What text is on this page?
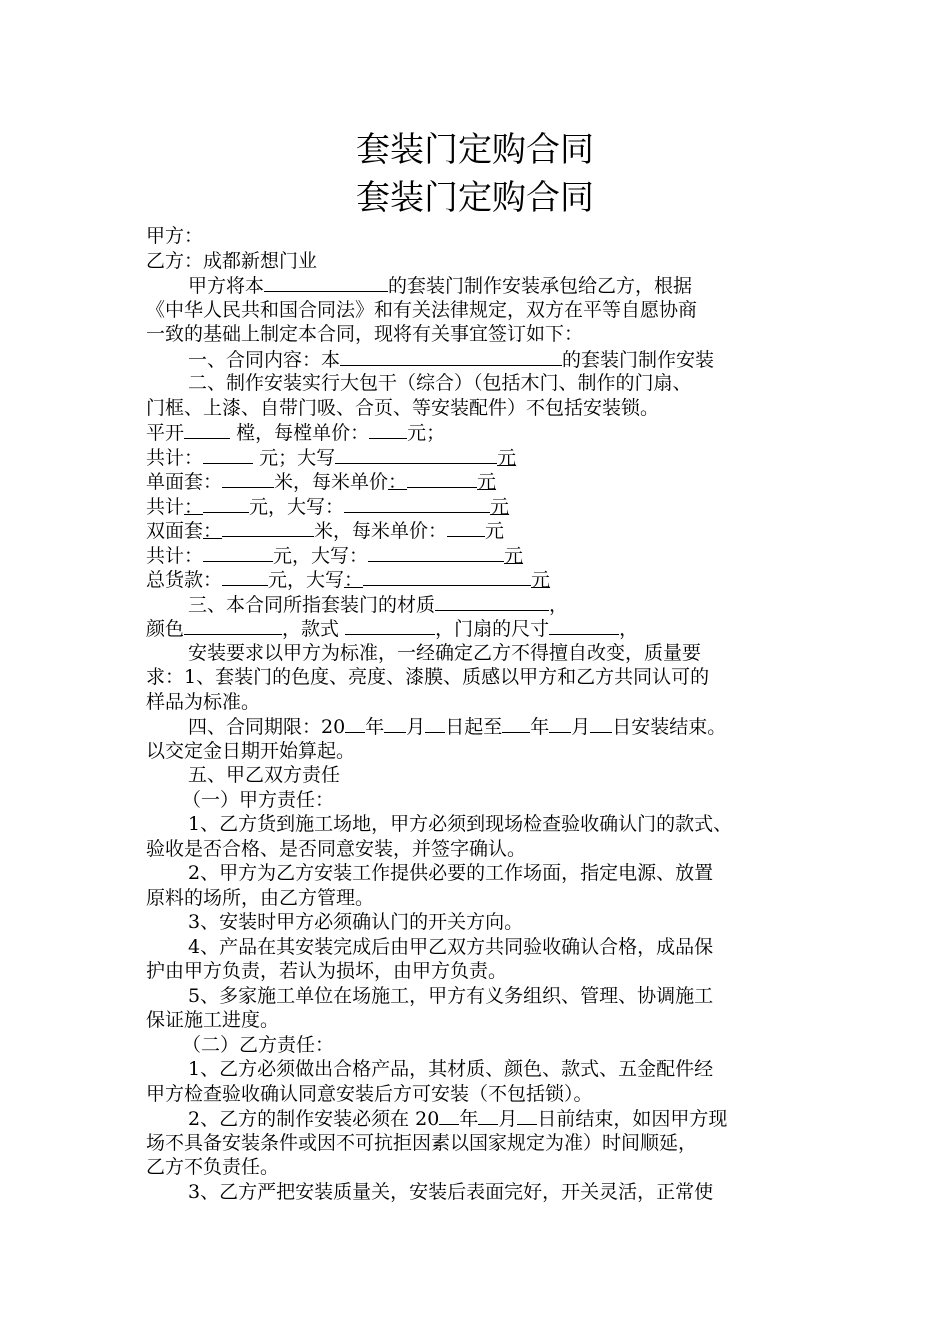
套装门定购合同
套装门定购合同
甲方：
乙方：成都新想门业
甲方将本	的套装门制作安装承包给乙方，根据
《中华人民共和国合同法》和有关法律规定，双方在平等自愿协商
一致的基础上制定本合同，现将有关事宜签订如下：
一、合同内容：本	的套装门制作安装
二、制作安装实行大包干（综合）（包括木门、制作的门扇、
门框、上漆、自带门吸、合页、等安装配件）不包括安装锁。
平开	樘，每樘单价： 元；
共计：	元；大写	元
单面套：	米，每米单价：	元
共计： 元，大写：	元
双面套：	米，每米单价： 元
共计：	元，大写：	元
总货款： 元，大写：	元
三、本合同所指套装门的材质	，
颜色	，款式	，门扇的尺寸	，
安装要求以甲方为标准，一经确定乙方不得擅自改变，质量要
求：1、套装门的色度、亮度、漆膜、质感以甲方和乙方共同认可的
样品为标准。
四、合同期限：20 年 月 日起至 年 月 日安装结束。
以交定金日期开始算起。
五、甲乙双方责任
（一）甲方责任：
1、乙方货到施工场地，甲方必须到现场检查验收确认门的款式、
验收是否合格、是否同意安装，并签字确认。
2、甲方为乙方安装工作提供必要的工作场面，指定电源、放置
原料的场所，由乙方管理。
3、安装时甲方必须确认门的开关方向。
4、产品在其安装完成后由甲乙双方共同验收确认合格，成品保
护由甲方负责，若认为损坏，由甲方负责。
5、多家施工单位在场施工，甲方有义务组织、管理、协调施工
保证施工进度。
（二）乙方责任：
1、乙方必须做出合格产品，其材质、颜色、款式、五金配件经
甲方检查验收确认同意安装后方可安装（不包括锁）。
2、乙方的制作安装必须在 20 年 月 日前结束，如因甲方现
场不具备安装条件或因不可抗拒因素以国家规定为准）时间顺延，
乙方不负责任。
3、乙方严把安装质量关，安装后表面完好，开关灵活，正常使
